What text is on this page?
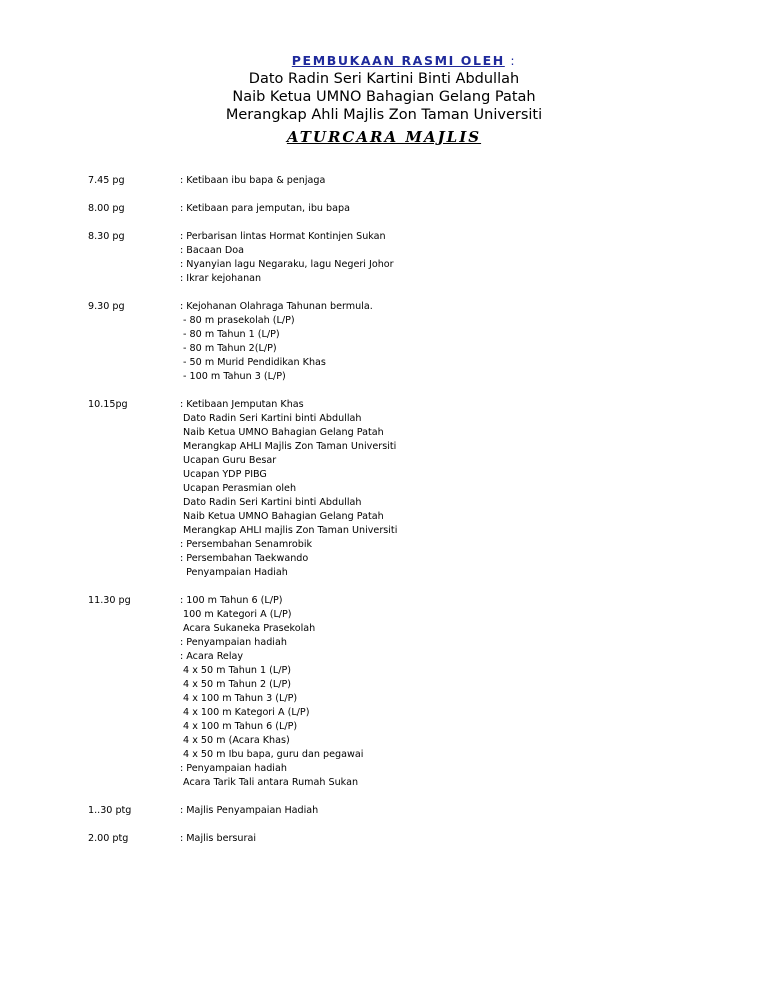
PEMBUKAAN RASMI OLEH :
Dato Radin Seri Kartini Binti Abdullah
Naib Ketua UMNO Bahagian Gelang Patah
Merangkap Ahli Majlis Zon Taman Universiti
ATURCARA MAJLIS
7.45 pg	: Ketibaan ibu bapa & penjaga
8.00 pg	: Ketibaan para jemputan, ibu bapa
8.30 pg	: Perbarisan lintas Hormat Kontinjen Sukan
: Bacaan Doa
: Nyanyian lagu Negaraku, lagu Negeri Johor
: Ikrar kejohanan
9.30 pg	: Kejohanan Olahraga Tahunan bermula.
- 80 m prasekolah (L/P)
- 80 m Tahun 1 (L/P)
- 80 m Tahun 2(L/P)
- 50 m Murid Pendidikan Khas
- 100 m Tahun 3 (L/P)
10.15pg	: Ketibaan Jemputan Khas
Dato Radin Seri Kartini binti Abdullah
Naib Ketua UMNO Bahagian Gelang Patah
Merangkap AHLI Majlis Zon Taman Universiti
Ucapan Guru Besar
Ucapan YDP PIBG
Ucapan Perasmian oleh
Dato Radin Seri Kartini binti Abdullah
Naib Ketua UMNO Bahagian Gelang Patah
Merangkap AHLI majlis Zon Taman Universiti
: Persembahan Senamrobik
: Persembahan Taekwando
Penyampaian Hadiah
11.30 pg	: 100 m Tahun 6 (L/P)
100 m Kategori A (L/P)
Acara Sukaneka Prasekolah
: Penyampaian hadiah
: Acara Relay
4 x 50 m Tahun 1 (L/P)
4 x 50 m Tahun 2 (L/P)
4 x 100 m Tahun 3 (L/P)
4 x 100 m Kategori A (L/P)
4 x 100 m Tahun 6 (L/P)
4 x 50 m (Acara Khas)
4 x 50 m Ibu bapa, guru dan pegawai
: Penyampaian hadiah
Acara Tarik Tali antara Rumah Sukan
1..30 ptg	: Majlis Penyampaian Hadiah
2.00 ptg	: Majlis bersurai
